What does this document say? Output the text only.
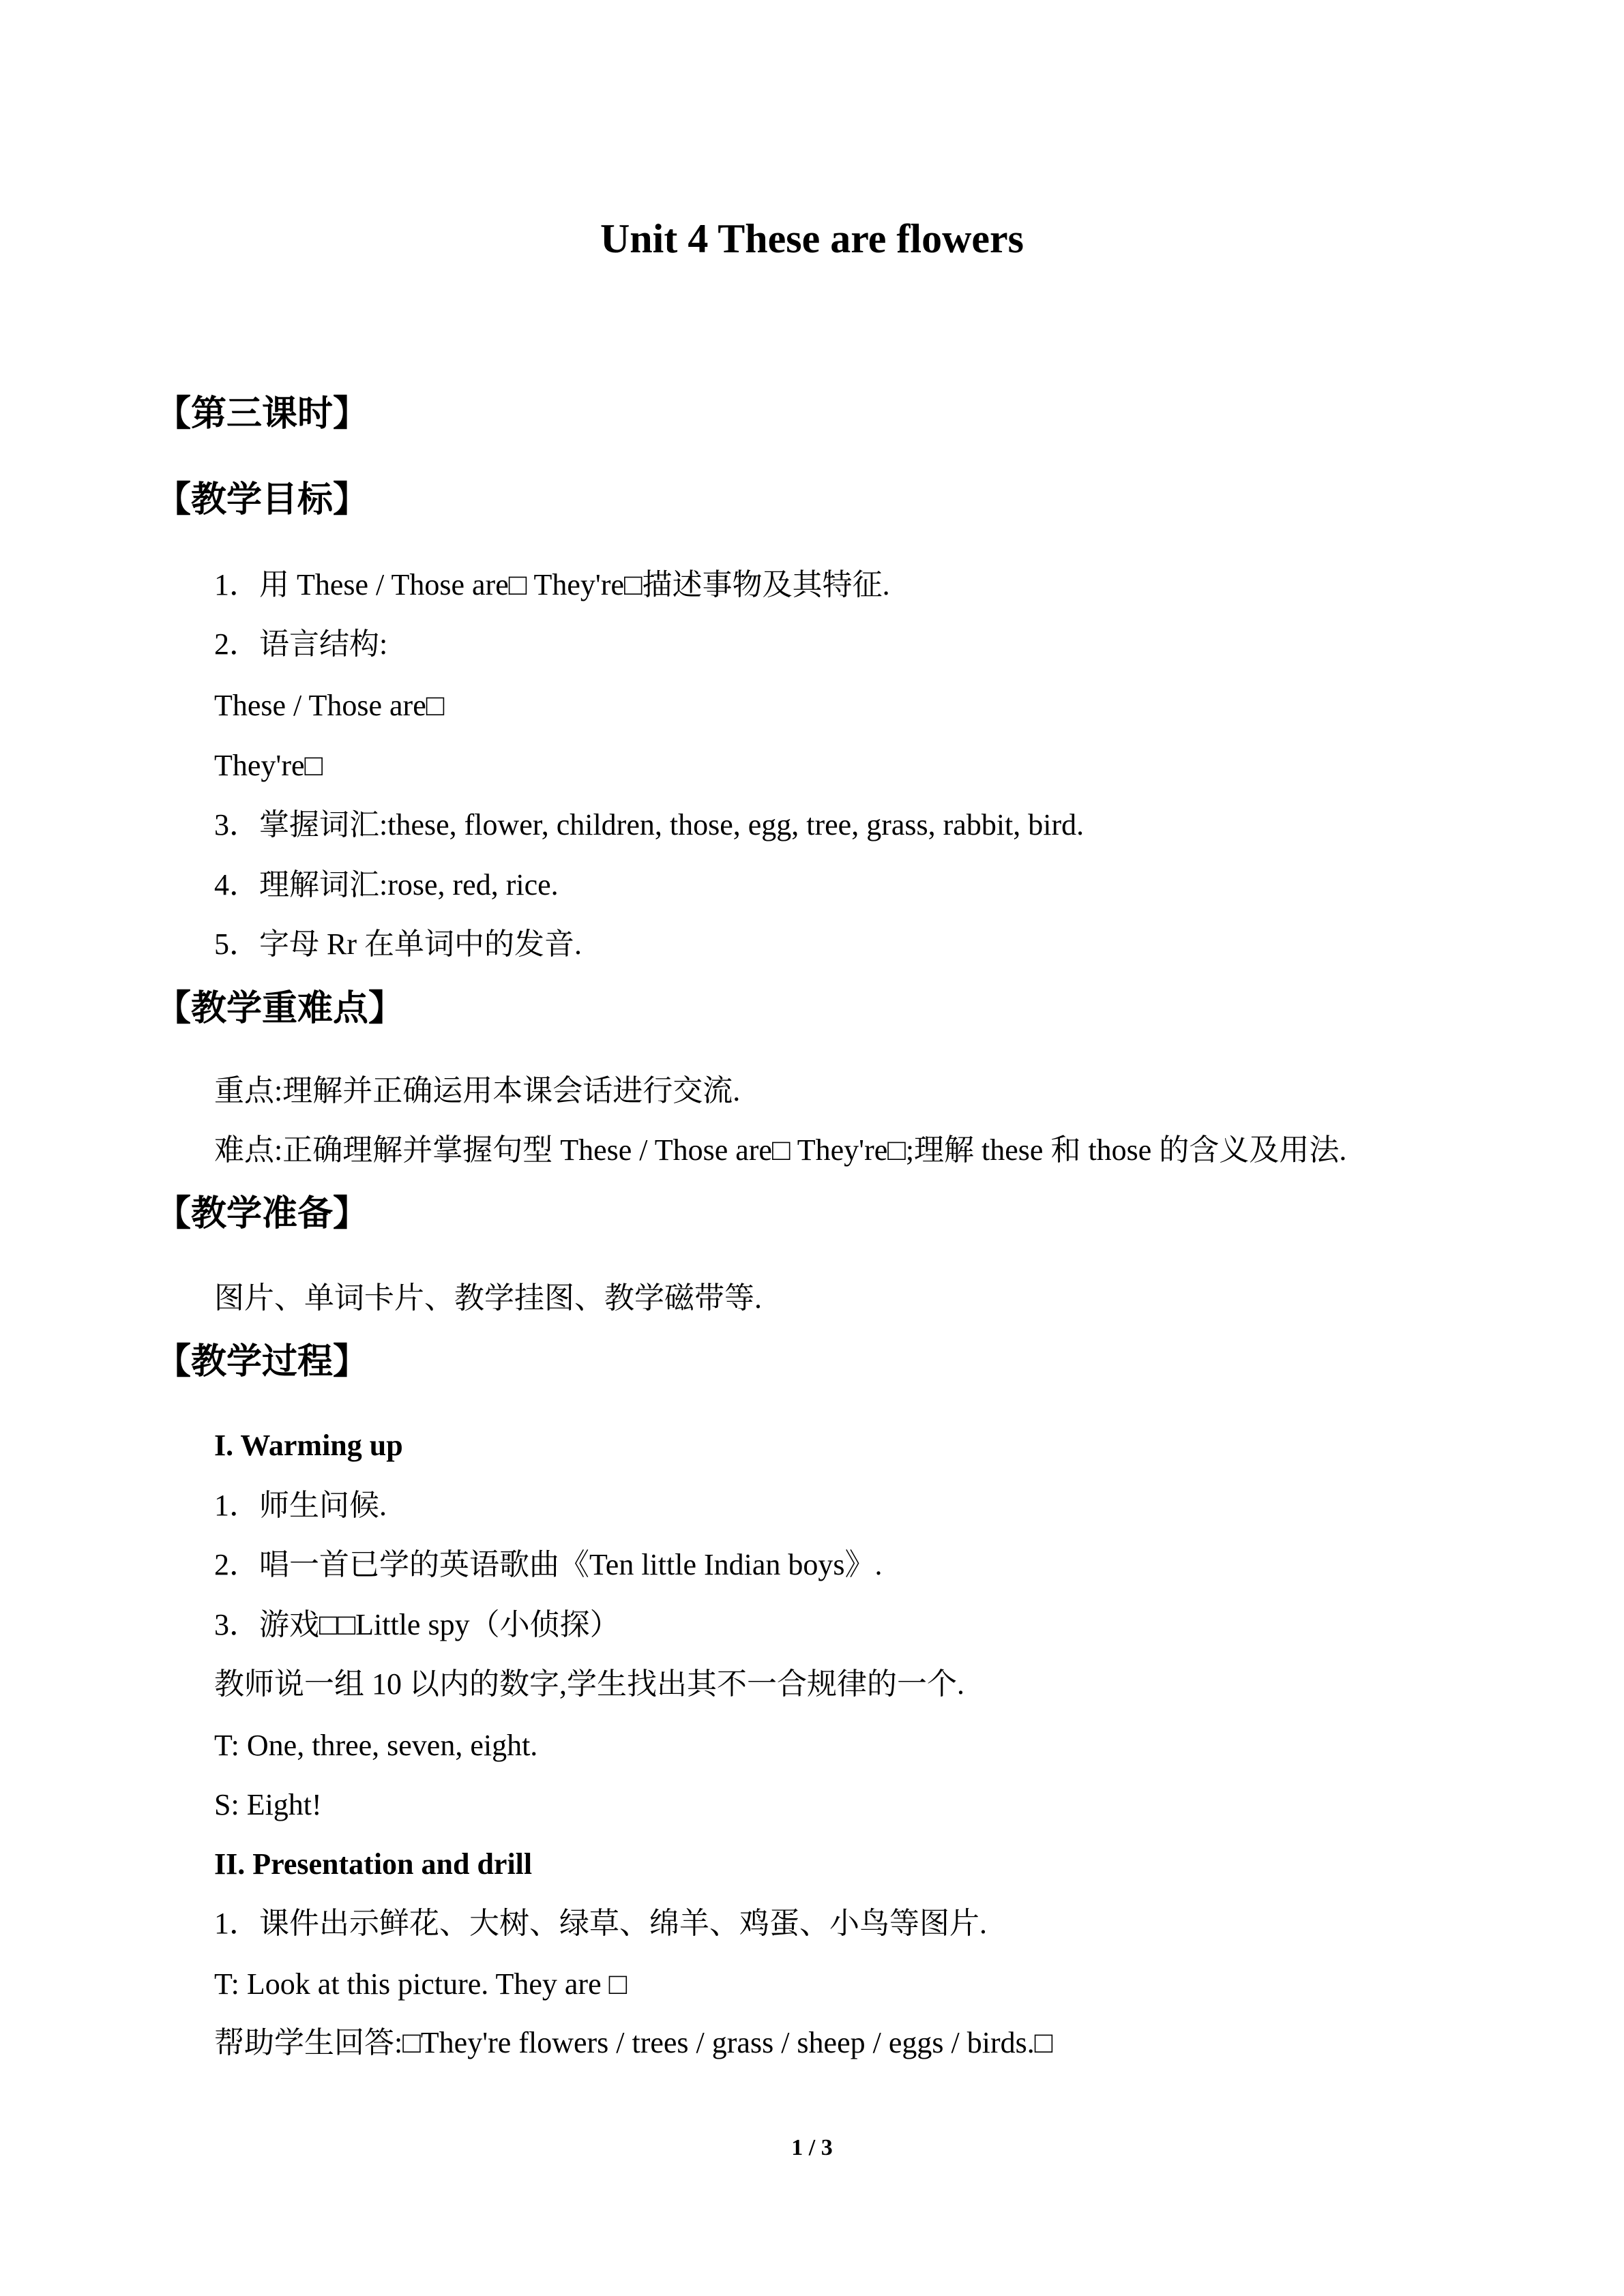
Unit 4 These are flowers
【第三课时】
【教学目标】
1．用 These / Those are□ They're□描述事物及其特征.
2．语言结构:
These / Those are□
They're□
3．掌握词汇:these, flower, children, those, egg, tree, grass, rabbit, bird.
4．理解词汇:rose, red, rice.
5．字母 Rr 在单词中的发音.
【教学重难点】
重点:理解并正确运用本课会话进行交流.
难点:正确理解并掌握句型 These / Those are□ They're□;理解 these 和 those 的含义及用法.
【教学准备】
图片、单词卡片、教学挂图、教学磁带等.
【教学过程】
I. Warming up
1．师生问候.
2．唱一首已学的英语歌曲《Ten little Indian boys》.
3．游戏□□Little spy（小侦探）
教师说一组 10 以内的数字,学生找出其不一合规律的一个.
T: One, three, seven, eight.
S: Eight!
II. Presentation and drill
1．课件出示鲜花、大树、绿草、绵羊、鸡蛋、小鸟等图片.
T: Look at this picture. They are □
帮助学生回答:□They're flowers / trees / grass / sheep / eggs / birds.□
1 / 3
